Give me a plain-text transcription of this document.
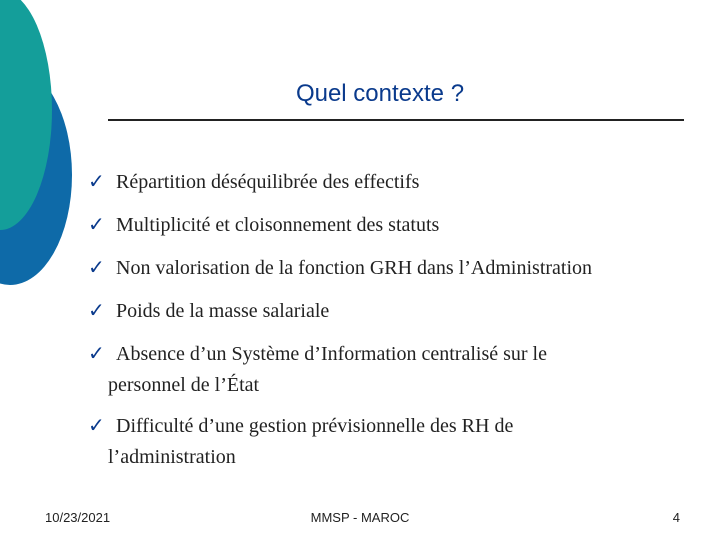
Quel contexte ?
✓ Répartition déséquilibrée des effectifs
✓ Multiplicité et cloisonnement des statuts
✓ Non valorisation de la fonction GRH dans l’Administration
✓ Poids de la masse salariale
✓ Absence d’un Système d’Information centralisé sur le
personnel de l’État
✓ Difficulté d’une gestion prévisionnelle des RH de
l’administration
10/23/2021	MMSP - MAROC	4
